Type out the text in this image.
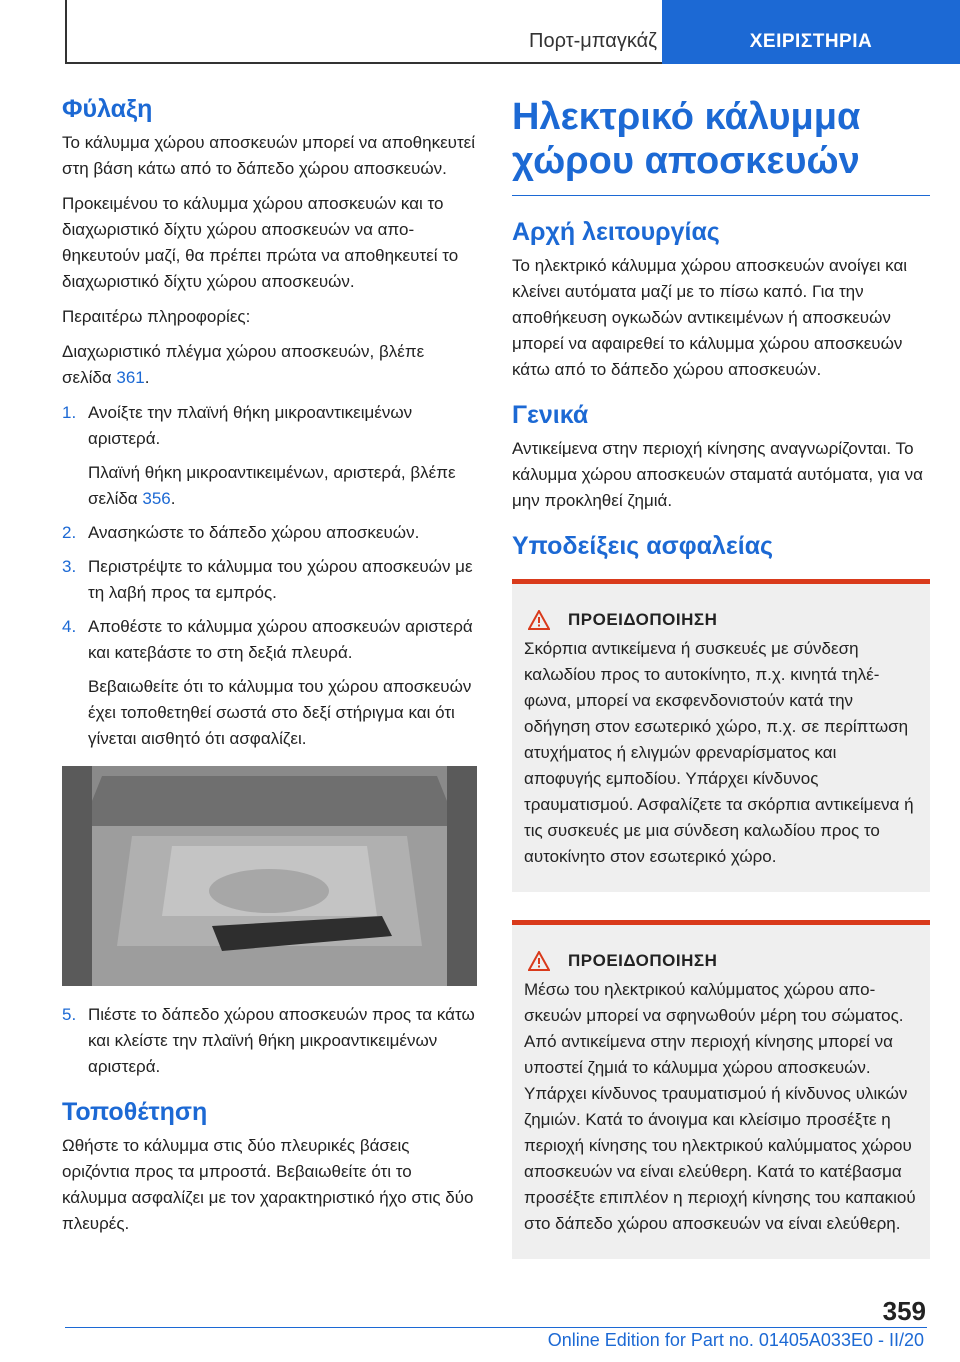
Πορτ-μπαγκάζ	ΧΕΙΡΙΣΤΗΡΙΑ
Φύλαξη

Το κάλυμμα χώρου αποσκευών μπορεί να αποθηκευτεί στη βάση κάτω από το δάπεδο χώρου αποσκευών.

Προκειμένου το κάλυμμα χώρου αποσκευών και το διαχωριστικό δίχτυ χώρου αποσκευών να αποθηκευτούν μαζί, θα πρέπει πρώτα να αποθηκευτεί το διαχωριστικό δίχτυ χώρου αποσκευών.

Περαιτέρω πληροφορίες:

Διαχωριστικό πλέγμα χώρου αποσκευών, βλέπε σελίδα 361.

1. Ανοίξτε την πλαϊνή θήκη μικροαντικειμένων αριστερά.

Πλαϊνή θήκη μικροαντικειμένων, αριστερά, βλέπε σελίδα 356.

2. Ανασηκώστε το δάπεδο χώρου αποσκευών.

3. Περιστρέψτε το κάλυμμα του χώρου αποσκευών με τη λαβή προς τα εμπρός.

4. Αποθέστε το κάλυμμα χώρου αποσκευών αριστερά και κατεβάστε το στη δεξιά πλευρά.

Βεβαιωθείτε ότι το κάλυμμα του χώρου αποσκευών έχει τοποθετηθεί σωστά στο δεξί στήριγμα και ότι γίνεται αισθητό ότι ασφαλίζει.

5. Πιέστε το δάπεδο χώρου αποσκευών προς τα κάτω και κλείστε την πλαϊνή θήκη μικροαντικειμένων αριστερά.

Τοποθέτηση

Ωθήστε το κάλυμμα στις δύο πλευρικές βάσεις οριζόντια προς τα μπροστά. Βεβαιωθείτε ότι το κάλυμμα ασφαλίζει με τον χαρακτηριστικό ήχο στις δύο πλευρές.

Ηλεκτρικό κάλυμμα χώρου αποσκευών
Αρχή λειτουργίας

Το ηλεκτρικό κάλυμμα χώρου αποσκευών ανοίγει και κλείνει αυτόματα μαζί με το πίσω καπό. Για την αποθήκευση ογκωδών αντικειμένων ή αποσκευών μπορεί να αφαιρεθεί το κάλυμμα χώρου αποσκευών κάτω από το δάπεδο χώρου αποσκευών.

Γενικά

Αντικείμενα στην περιοχή κίνησης αναγνωρίζονται. Το κάλυμμα χώρου αποσκευών σταματά αυτόματα, για να μην προκληθεί ζημιά.

Υποδείξεις ασφαλείας
ΠΡΟΕΙΔΟΠΟΙΗΣΗ

Σκόρπια αντικείμενα ή συσκευές με σύνδεση καλωδίου προς το αυτοκίνητο, π.χ. κινητά τηλέφωνα, μπορεί να εκσφενδονιστούν κατά την οδήγηση στον εσωτερικό χώρο, π.χ. σε περίπτωση ατυχήματος ή ελιγμών φρεναρίσματος και αποφυγής εμποδίου. Υπάρχει κίνδυνος τραυματισμού. Ασφαλίζετε τα σκόρπια αντικείμενα ή τις συσκευές με μια σύνδεση καλωδίου προς το αυτοκίνητο στον εσωτερικό χώρο.

ΠΡΟΕΙΔΟΠΟΙΗΣΗ

Μέσω του ηλεκτρικού καλύμματος χώρου αποσκευών μπορεί να σφηνωθούν μέρη του σώματος. Από αντικείμενα στην περιοχή κίνησης μπορεί να υποστεί ζημιά το κάλυμμα χώρου αποσκευών. Υπάρχει κίνδυνος τραυματισμού ή κίνδυνος υλικών ζημιών. Κατά το άνοιγμα και κλείσιμο προσέξτε η περιοχή κίνησης του ηλεκτρικού καλύμματος χώρου αποσκευών να είναι ελεύθερη. Κατά το κατέβασμα προσέξτε επιπλέον η περιοχή κίνησης του καπακιού στο δάπεδο χώρου αποσκευών να είναι ελεύθερη.

359
Online Edition for Part no. 01405A033E0 - II/20
